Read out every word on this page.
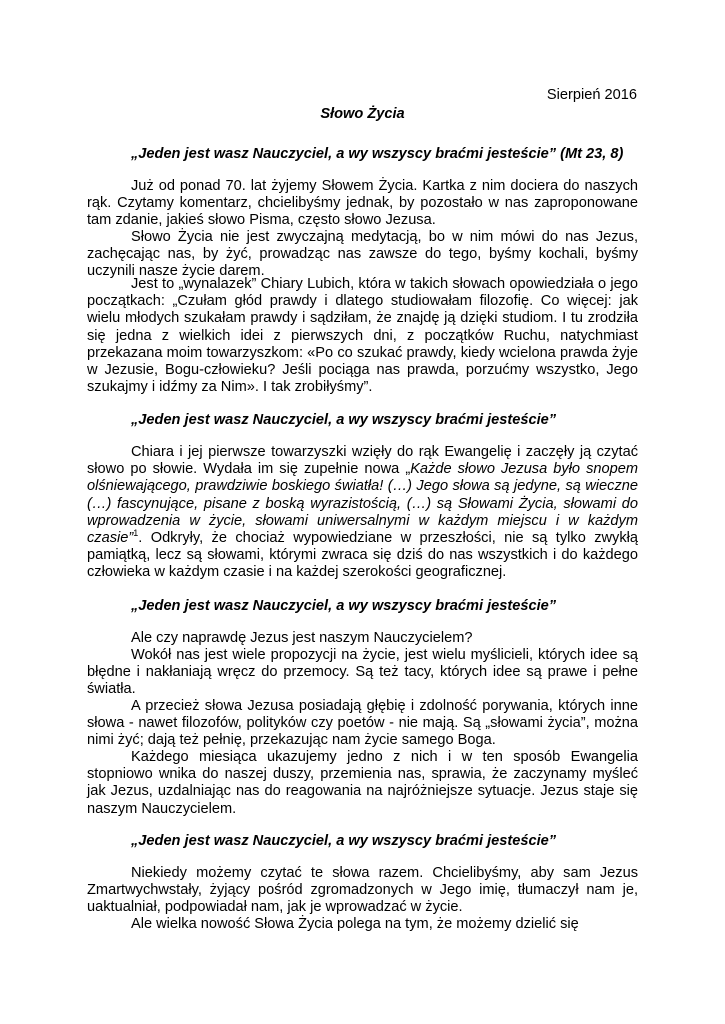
Sierpień 2016
Słowo Życia
„Jeden jest wasz Nauczyciel, a wy wszyscy braćmi jesteście” (Mt 23, 8)

Już od ponad 70. lat żyjemy Słowem Życia. Kartka z nim dociera do naszych rąk. Czytamy komentarz, chcielibyśmy jednak, by pozostało w nas zaproponowane tam zdanie, jakieś słowo Pisma, często słowo Jezusa.

Słowo Życia nie jest zwyczajną medytacją, bo w nim mówi do nas Jezus, zachęcając nas, by żyć, prowadząc nas zawsze do tego, byśmy kochali, byśmy uczynili nasze życie darem.

Jest to „wynalazek” Chiary Lubich, która w takich słowach opowiedziała o jego początkach: „Czułam głód prawdy i dlatego studiowałam filozofię. Co więcej: jak wielu młodych szukałam prawdy i sądziłam, że znajdę ją dzięki studiom. I tu zrodziła się jedna z wielkich idei z pierwszych dni, z początków Ruchu, natychmiast przekazana moim towarzyszkom: «Po co szukać prawdy, kiedy wcielona prawda żyje w Jezusie, Bogu-człowieku? Jeśli pociąga nas prawda, porzućmy wszystko, Jego szukajmy i idźmy za Nim». I tak zrobiłyśmy”.

„Jeden jest wasz Nauczyciel, a wy wszyscy braćmi jesteście”

Chiara i jej pierwsze towarzyszki wzięły do rąk Ewangelię i zaczęły ją czytać słowo po słowie. Wydała im się zupełnie nowa „Każde słowo Jezusa było snopem olśniewającego, prawdziwie boskiego światła! (…) Jego słowa są jedyne, są wieczne (…) fascynujące, pisane z boską wyrazistością, (…) są Słowami Życia, słowami do wprowadzenia w życie, słowami uniwersalnymi w każdym miejscu i w każdym czasie”$^1$. Odkryły, że chociaż wypowiedziane w przeszłości, nie są tylko zwykłą pamiątką, lecz są słowami, którymi zwraca się dziś do nas wszystkich i do każdego człowieka w każdym czasie i na każdej szerokości geograficznej.

„Jeden jest wasz Nauczyciel, a wy wszyscy braćmi jesteście”

Ale czy naprawdę Jezus jest naszym Nauczycielem?

Wokół nas jest wiele propozycji na życie, jest wielu myślicieli, których idee są błędne i nakłaniają wręcz do przemocy. Są też tacy, których idee są prawe i pełne światła.

A przecież słowa Jezusa posiadają głębię i zdolność porywania, których inne słowa - nawet filozofów, polityków czy poetów - nie mają. Są „słowami życia”, można nimi żyć; dają też pełnię, przekazując nam życie samego Boga.

Każdego miesiąca ukazujemy jedno z nich i w ten sposób Ewangelia stopniowo wnika do naszej duszy, przemienia nas, sprawia, że zaczynamy myśleć jak Jezus, uzdalniając nas do reagowania na najróżniejsze sytuacje. Jezus staje się naszym Nauczycielem.

„Jeden jest wasz Nauczyciel, a wy wszyscy braćmi jesteście”

Niekiedy możemy czytać te słowa razem. Chcielibyśmy, aby sam Jezus Zmartwychwstały, żyjący pośród zgromadzonych w Jego imię, tłumaczył nam je, uaktualniał, podpowiadał nam, jak je wprowadzać w życie.

Ale wielka nowość Słowa Życia polega na tym, że możemy dzielić się
